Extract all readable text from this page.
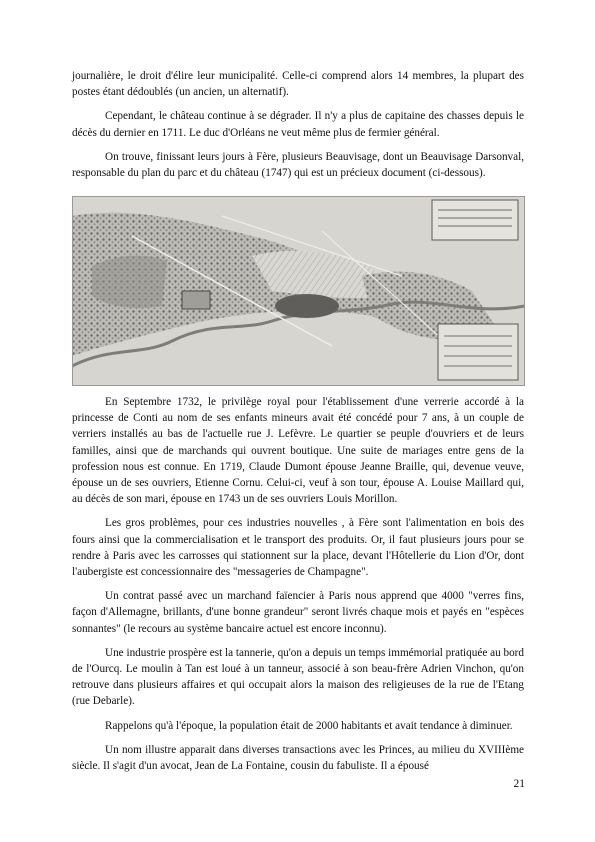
journalière, le droit d'élire leur municipalité. Celle-ci comprend alors 14 membres, la plupart des postes étant dédoublés (un ancien, un alternatif).

Cependant, le château continue à se dégrader. Il n'y a plus de capitaine des chasses depuis le décès du dernier en 1711. Le duc d'Orléans ne veut même plus de fermier général.

On trouve, finissant leurs jours à Fère, plusieurs Beauvisage, dont un Beauvisage Darsonval, responsable du plan du parc et du château (1747) qui est un précieux document (ci-dessous).

En Septembre 1732, le privilège royal pour l'établissement d'une verrerie accordé à la princesse de Conti au nom de ses enfants mineurs avait été concédé pour 7 ans, à un couple de verriers installés au bas de l'actuelle rue J. Lefèvre. Le quartier se peuple d'ouvriers et de leurs familles, ainsi que de marchands qui ouvrent boutique. Une suite de mariages entre gens de la profession nous est connue. En 1719, Claude Dumont épouse Jeanne Braille, qui, devenue veuve, épouse un de ses ouvriers, Etienne Cornu. Celui-ci, veuf à son tour, épouse A. Louise Maillard qui, au décès de son mari, épouse en 1743 un de ses ouvriers Louis Morillon.

Les gros problèmes, pour ces industries nouvelles , à Fère sont l'alimentation en bois des fours ainsi que la commercialisation et le transport des produits. Or, il faut plusieurs jours pour se rendre à Paris avec les carrosses qui stationnent sur la place, devant l'Hôtellerie du Lion d'Or, dont l'aubergiste est concessionnaire des "messageries de Champagne".

Un contrat passé avec un marchand faïencier à Paris nous apprend que 4000 "verres fins, façon d'Allemagne, brillants, d'une bonne grandeur" seront livrés chaque mois et payés en "espèces sonnantes" (le recours au système bancaire actuel est encore inconnu).

Une industrie prospère est la tannerie, qu'on a depuis un temps immémorial pratiquée au bord de l'Ourcq. Le moulin à Tan est loué à un tanneur, associé à son beau-frère Adrien Vinchon, qu'on retrouve dans plusieurs affaires et qui occupait alors la maison des religieuses de la rue de l'Etang (rue Debarle).

Rappelons qu'à l'époque, la population était de 2000 habitants et avait tendance à diminuer.

Un nom illustre apparait dans diverses transactions avec les Princes, au milieu du XVIIIème siècle. Il s'agit d'un avocat, Jean de La Fontaine, cousin du fabuliste. Il a épousé

21
